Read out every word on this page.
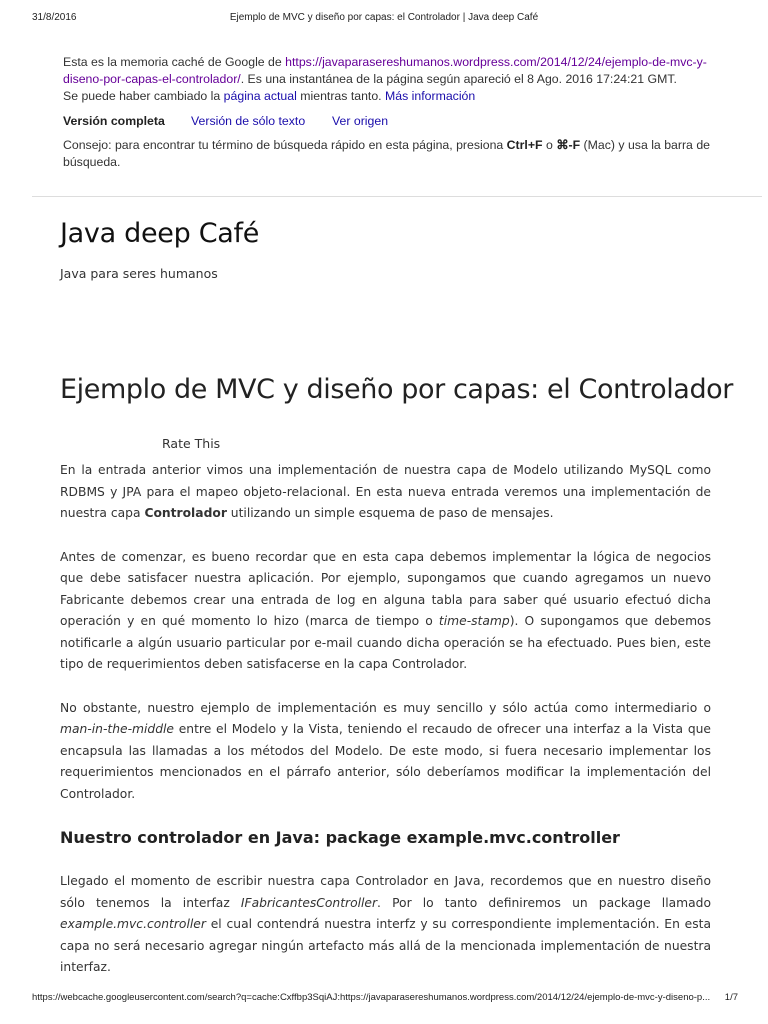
31/8/2016	Ejemplo de MVC y diseño por capas: el Controlador | Java deep Café
Esta es la memoria caché de Google de https://javaparasereshumanos.wordpress.com/2014/12/24/ejemplo-de-mvc-y-diseno-por-capas-el-controlador/. Es una instantánea de la página según apareció el 8 Ago. 2016 17:24:21 GMT.
Se puede haber cambiado la página actual mientras tanto. Más información
Versión completa Versión de sólo texto Ver origen
Consejo: para encontrar tu término de búsqueda rápido en esta página, presiona Ctrl+F o ⌘-F (Mac) y usa la barra de búsqueda.
Java deep Café
Java para seres humanos
Ejemplo de MVC y diseño por capas: el Controlador
Rate This

En la entrada anterior vimos una implementación de nuestra capa de Modelo utilizando MySQL como RDBMS y JPA para el mapeo objeto-relacional. En esta nueva entrada veremos una implementación de nuestra capa Controlador utilizando un simple esquema de paso de mensajes.

Antes de comenzar, es bueno recordar que en esta capa debemos implementar la lógica de negocios que debe satisfacer nuestra aplicación. Por ejemplo, supongamos que cuando agregamos un nuevo Fabricante debemos crear una entrada de log en alguna tabla para saber qué usuario efectuó dicha operación y en qué momento lo hizo (marca de tiempo o time-stamp). O supongamos que debemos notificarle a algún usuario particular por e-mail cuando dicha operación se ha efectuado. Pues bien, este tipo de requerimientos deben satisfacerse en la capa Controlador.

No obstante, nuestro ejemplo de implementación es muy sencillo y sólo actúa como intermediario o man-in-the-middle entre el Modelo y la Vista, teniendo el recaudo de ofrecer una interfaz a la Vista que encapsula las llamadas a los métodos del Modelo. De este modo, si fuera necesario implementar los requerimientos mencionados en el párrafo anterior, sólo deberíamos modificar la implementación del Controlador.

Nuestro controlador en Java: package example.mvc.controller

Llegado el momento de escribir nuestra capa Controlador en Java, recordemos que en nuestro diseño sólo tenemos la interfaz IFabricantesController. Por lo tanto definiremos un package llamado example.mvc.controller el cual contendrá nuestra interfz y su correspondiente implementación. En esta capa no será necesario agregar ningún artefacto más allá de la mencionada implementación de nuestra interfaz.

https://webcache.googleusercontent.com/search?q=cache:Cxffbp3SqiAJ:https://javaparasereshumanos.wordpress.com/2014/12/24/ejemplo-de-mvc-y-diseno-p... 1/7
